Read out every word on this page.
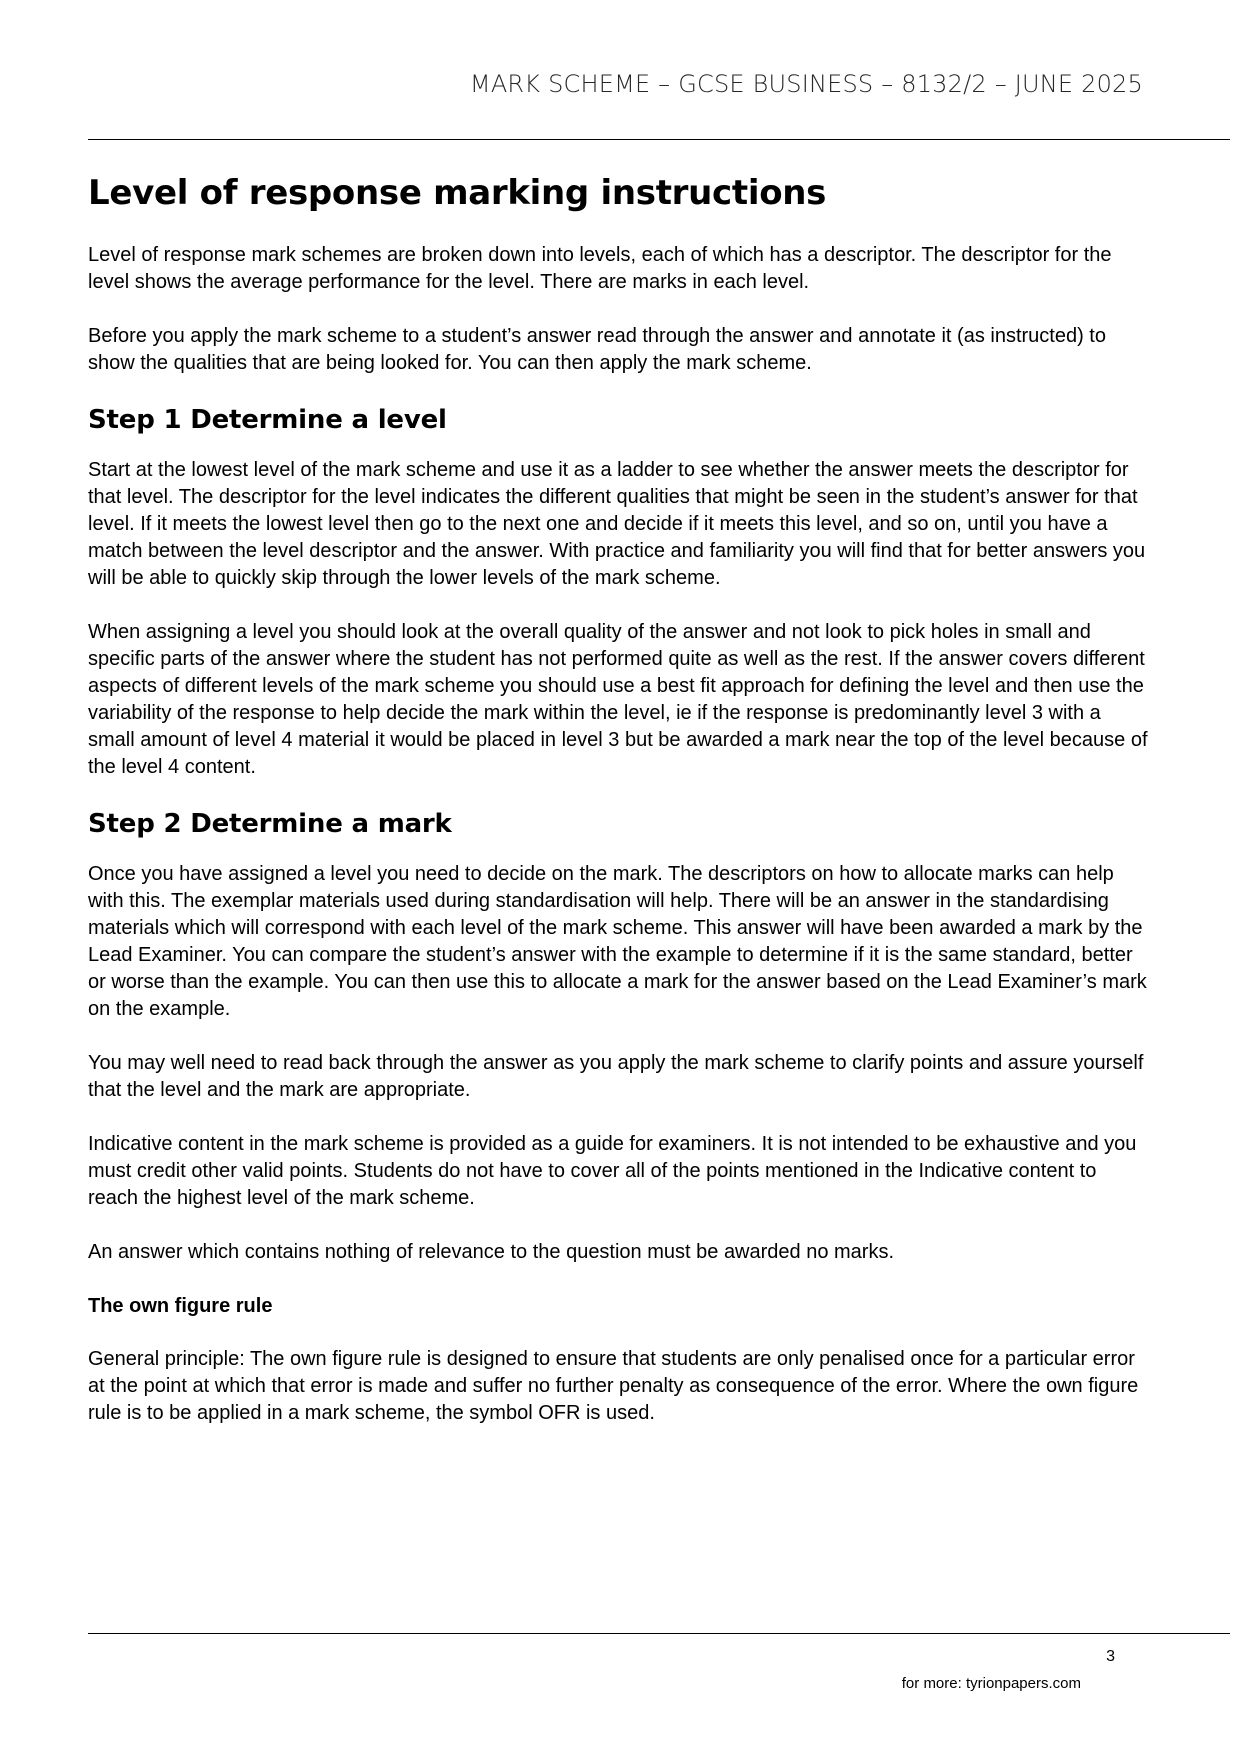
MARK SCHEME – GCSE BUSINESS – 8132/2 – JUNE 2025
Level of response marking instructions

Level of response mark schemes are broken down into levels, each of which has a descriptor. The descriptor for the level shows the average performance for the level. There are marks in each level.

Before you apply the mark scheme to a student’s answer read through the answer and annotate it (as instructed) to show the qualities that are being looked for. You can then apply the mark scheme.

Step 1 Determine a level

Start at the lowest level of the mark scheme and use it as a ladder to see whether the answer meets the descriptor for that level. The descriptor for the level indicates the different qualities that might be seen in the student’s answer for that level. If it meets the lowest level then go to the next one and decide if it meets this level, and so on, until you have a match between the level descriptor and the answer. With practice and familiarity you will find that for better answers you will be able to quickly skip through the lower levels of the mark scheme.

When assigning a level you should look at the overall quality of the answer and not look to pick holes in small and specific parts of the answer where the student has not performed quite as well as the rest. If the answer covers different aspects of different levels of the mark scheme you should use a best fit approach for defining the level and then use the variability of the response to help decide the mark within the level, ie if the response is predominantly level 3 with a small amount of level 4 material it would be placed in level 3 but be awarded a mark near the top of the level because of the level 4 content.

Step 2 Determine a mark

Once you have assigned a level you need to decide on the mark. The descriptors on how to allocate marks can help with this. The exemplar materials used during standardisation will help. There will be an answer in the standardising materials which will correspond with each level of the mark scheme. This answer will have been awarded a mark by the Lead Examiner. You can compare the student’s answer with the example to determine if it is the same standard, better or worse than the example. You can then use this to allocate a mark for the answer based on the Lead Examiner’s mark on the example.

You may well need to read back through the answer as you apply the mark scheme to clarify points and assure yourself that the level and the mark are appropriate.

Indicative content in the mark scheme is provided as a guide for examiners. It is not intended to be exhaustive and you must credit other valid points. Students do not have to cover all of the points mentioned in the Indicative content to reach the highest level of the mark scheme.

An answer which contains nothing of relevance to the question must be awarded no marks.

The own figure rule

General principle: The own figure rule is designed to ensure that students are only penalised once for a particular error at the point at which that error is made and suffer no further penalty as consequence of the error. Where the own figure rule is to be applied in a mark scheme, the symbol OFR is used.

3
for more: tyrionpapers.com
